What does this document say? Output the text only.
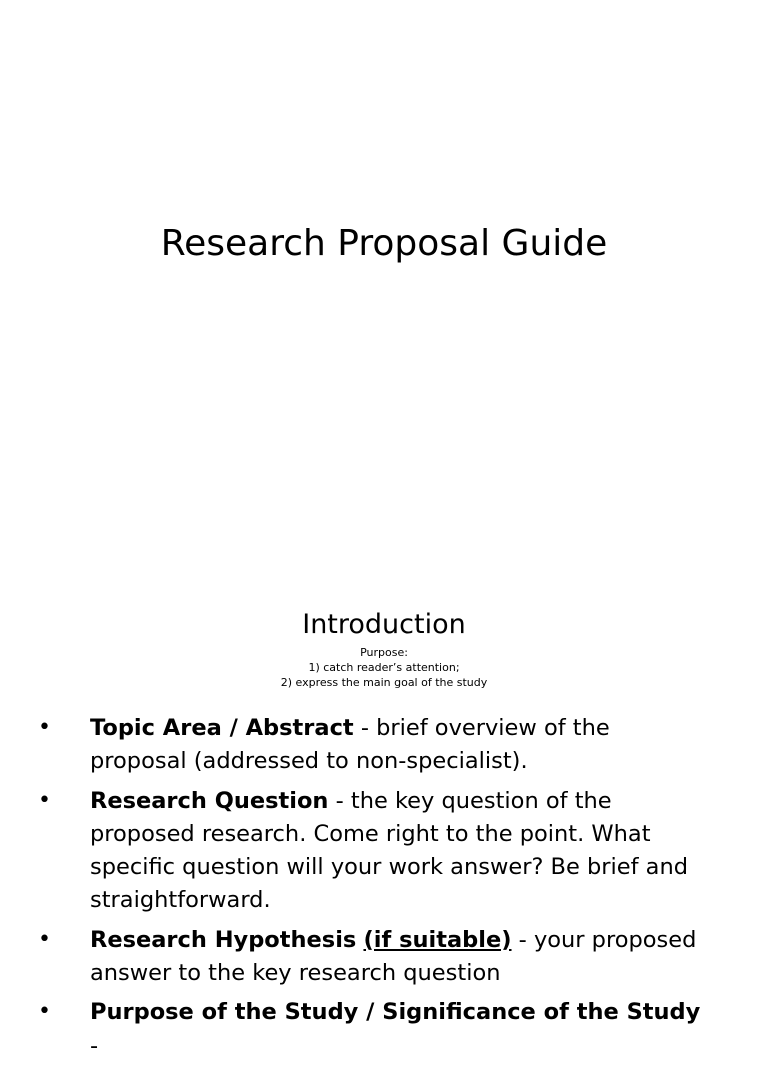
Research Proposal Guide
Introduction
Purpose:
1) catch reader’s attention;
2) express the main goal of the study
• Topic Area / Abstract - brief overview of the proposal (addressed to non-specialist).
• Research Question - the key question of the proposed research. Come right to the point. What specific question will your work answer? Be brief and straightforward.
• Research Hypothesis (if suitable) - your proposed answer to the key research question
• Purpose of the Study / Significance of the Study -
